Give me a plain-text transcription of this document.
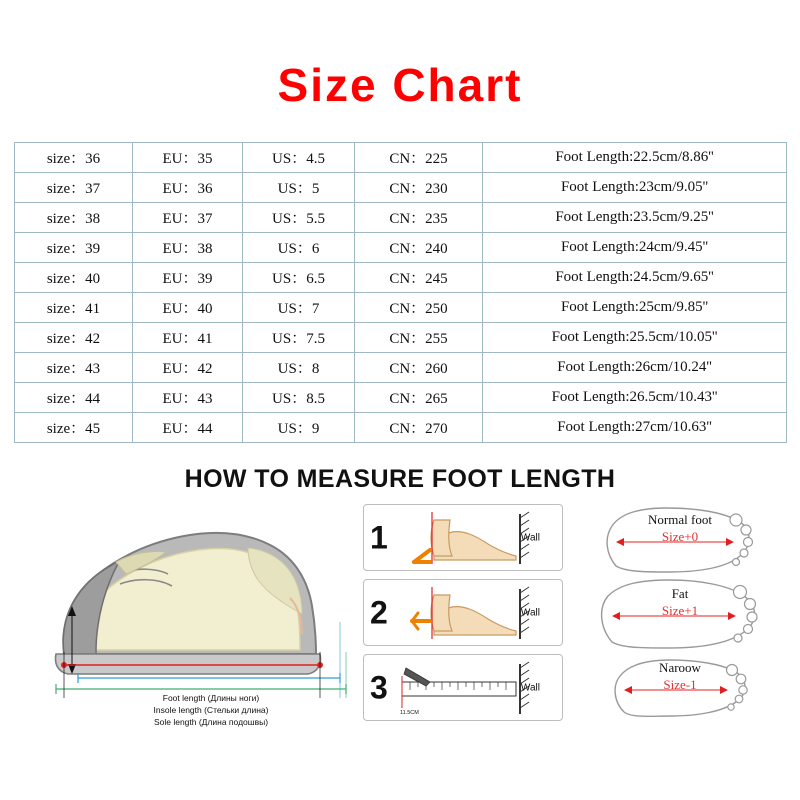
Size Chart
size：36	EU：35	US：4.5	CN：225	Foot Length:22.5cm/8.86''
size：37	EU：36	US：5	CN：230	Foot Length:23cm/9.05''
size：38	EU：37	US：5.5	CN：235	Foot Length:23.5cm/9.25''
size：39	EU：38	US：6	CN：240	Foot Length:24cm/9.45''
size：40	EU：39	US：6.5	CN：245	Foot Length:24.5cm/9.65''
size：41	EU：40	US：7	CN：250	Foot Length:25cm/9.85''
size：42	EU：41	US：7.5	CN：255	Foot Length:25.5cm/10.05''
size：43	EU：42	US：8	CN：260	Foot Length:26cm/10.24''
size：44	EU：43	US：8.5	CN：265	Foot Length:26.5cm/10.43''
size：45	EU：44	US：9	CN：270	Foot Length:27cm/10.63''
HOW TO MEASURE FOOT LENGTH
Foot length (Длины ноги)
Insole length (Стельки длина)
Sole length (Длина подошвы)
1	Wall
2	Wall
3	Wall
11.5CM
Normal foot
Size+0
Fat
Size+1
Naroow
Size-1
